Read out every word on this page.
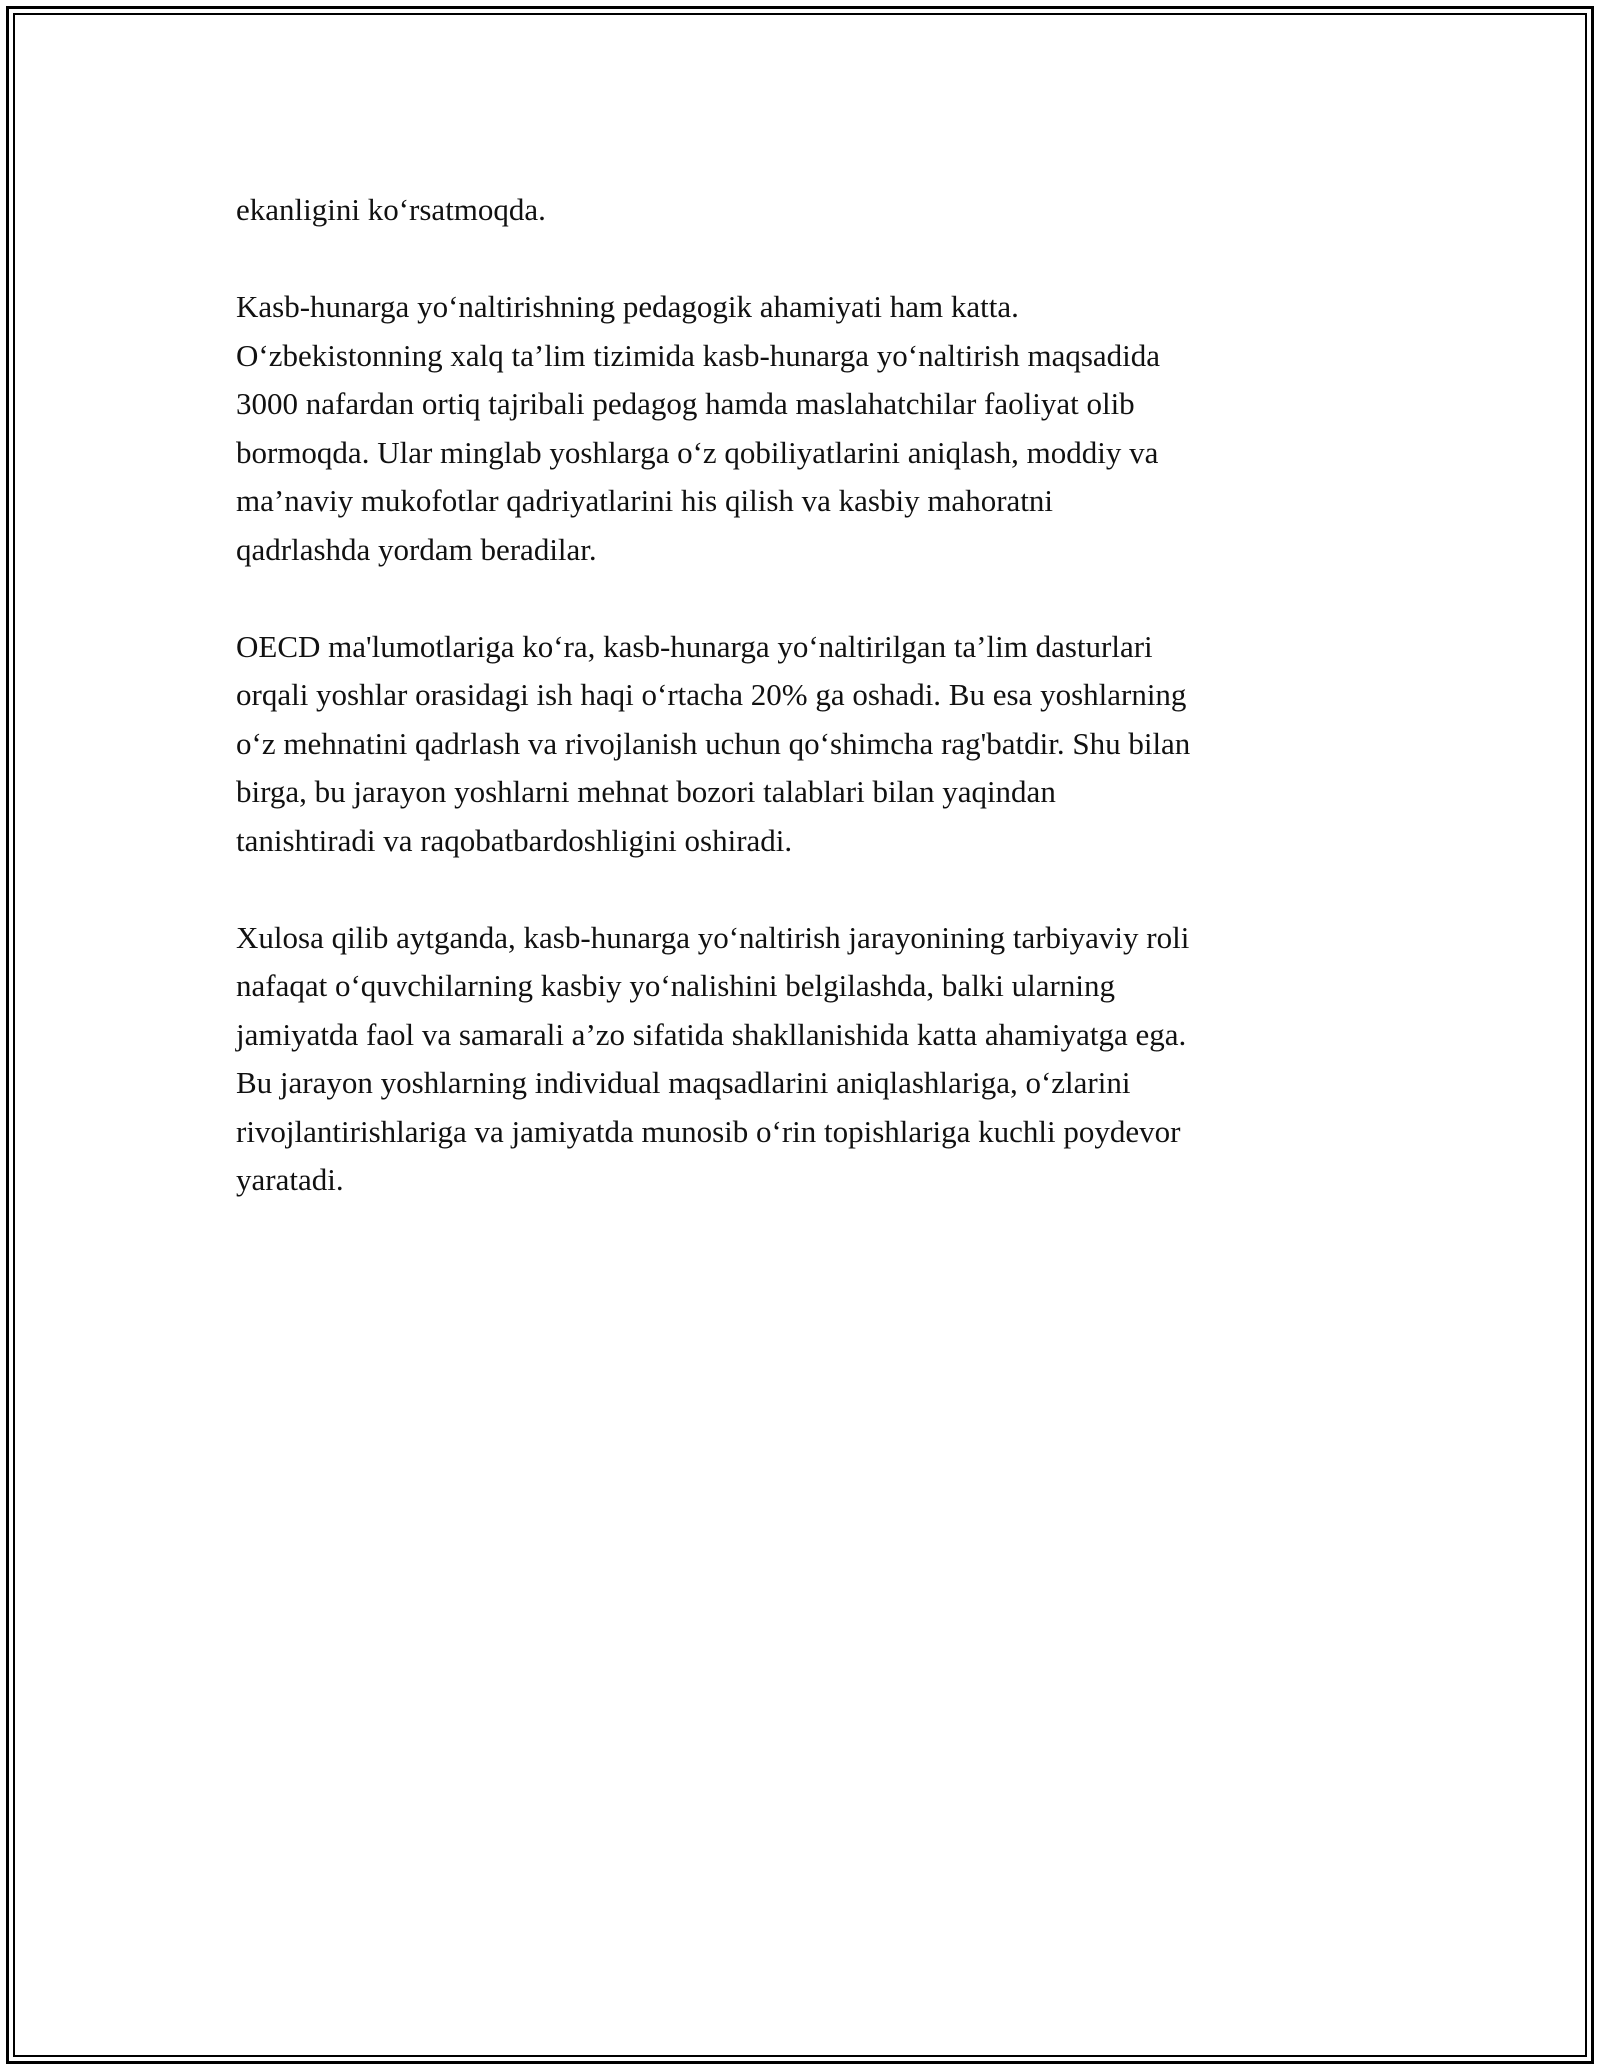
ekanligini ko‘rsatmoqda.

Kasb-hunarga yo‘naltirishning pedagogik ahamiyati ham katta.
O‘zbekistonning xalq ta’lim tizimida kasb-hunarga yo‘naltirish maqsadida
3000 nafardan ortiq tajribali pedagog hamda maslahatchilar faoliyat olib
bormoqda. Ular minglab yoshlarga o‘z qobiliyatlarini aniqlash, moddiy va
ma’naviy mukofotlar qadriyatlarini his qilish va kasbiy mahoratni
qadrlashda yordam beradilar.

OECD ma'lumotlariga ko‘ra, kasb-hunarga yo‘naltirilgan ta’lim dasturlari
orqali yoshlar orasidagi ish haqi o‘rtacha 20% ga oshadi. Bu esa yoshlarning
o‘z mehnatini qadrlash va rivojlanish uchun qo‘shimcha rag'batdir. Shu bilan
birga, bu jarayon yoshlarni mehnat bozori talablari bilan yaqindan
tanishtiradi va raqobatbardoshligini oshiradi.

Xulosa qilib aytganda, kasb-hunarga yo‘naltirish jarayonining tarbiyaviy roli
nafaqat o‘quvchilarning kasbiy yo‘nalishini belgilashda, balki ularning
jamiyatda faol va samarali a’zo sifatida shakllanishida katta ahamiyatga ega.
Bu jarayon yoshlarning individual maqsadlarini aniqlashlariga, o‘zlarini
rivojlantirishlariga va jamiyatda munosib o‘rin topishlariga kuchli poydevor
yaratadi.
